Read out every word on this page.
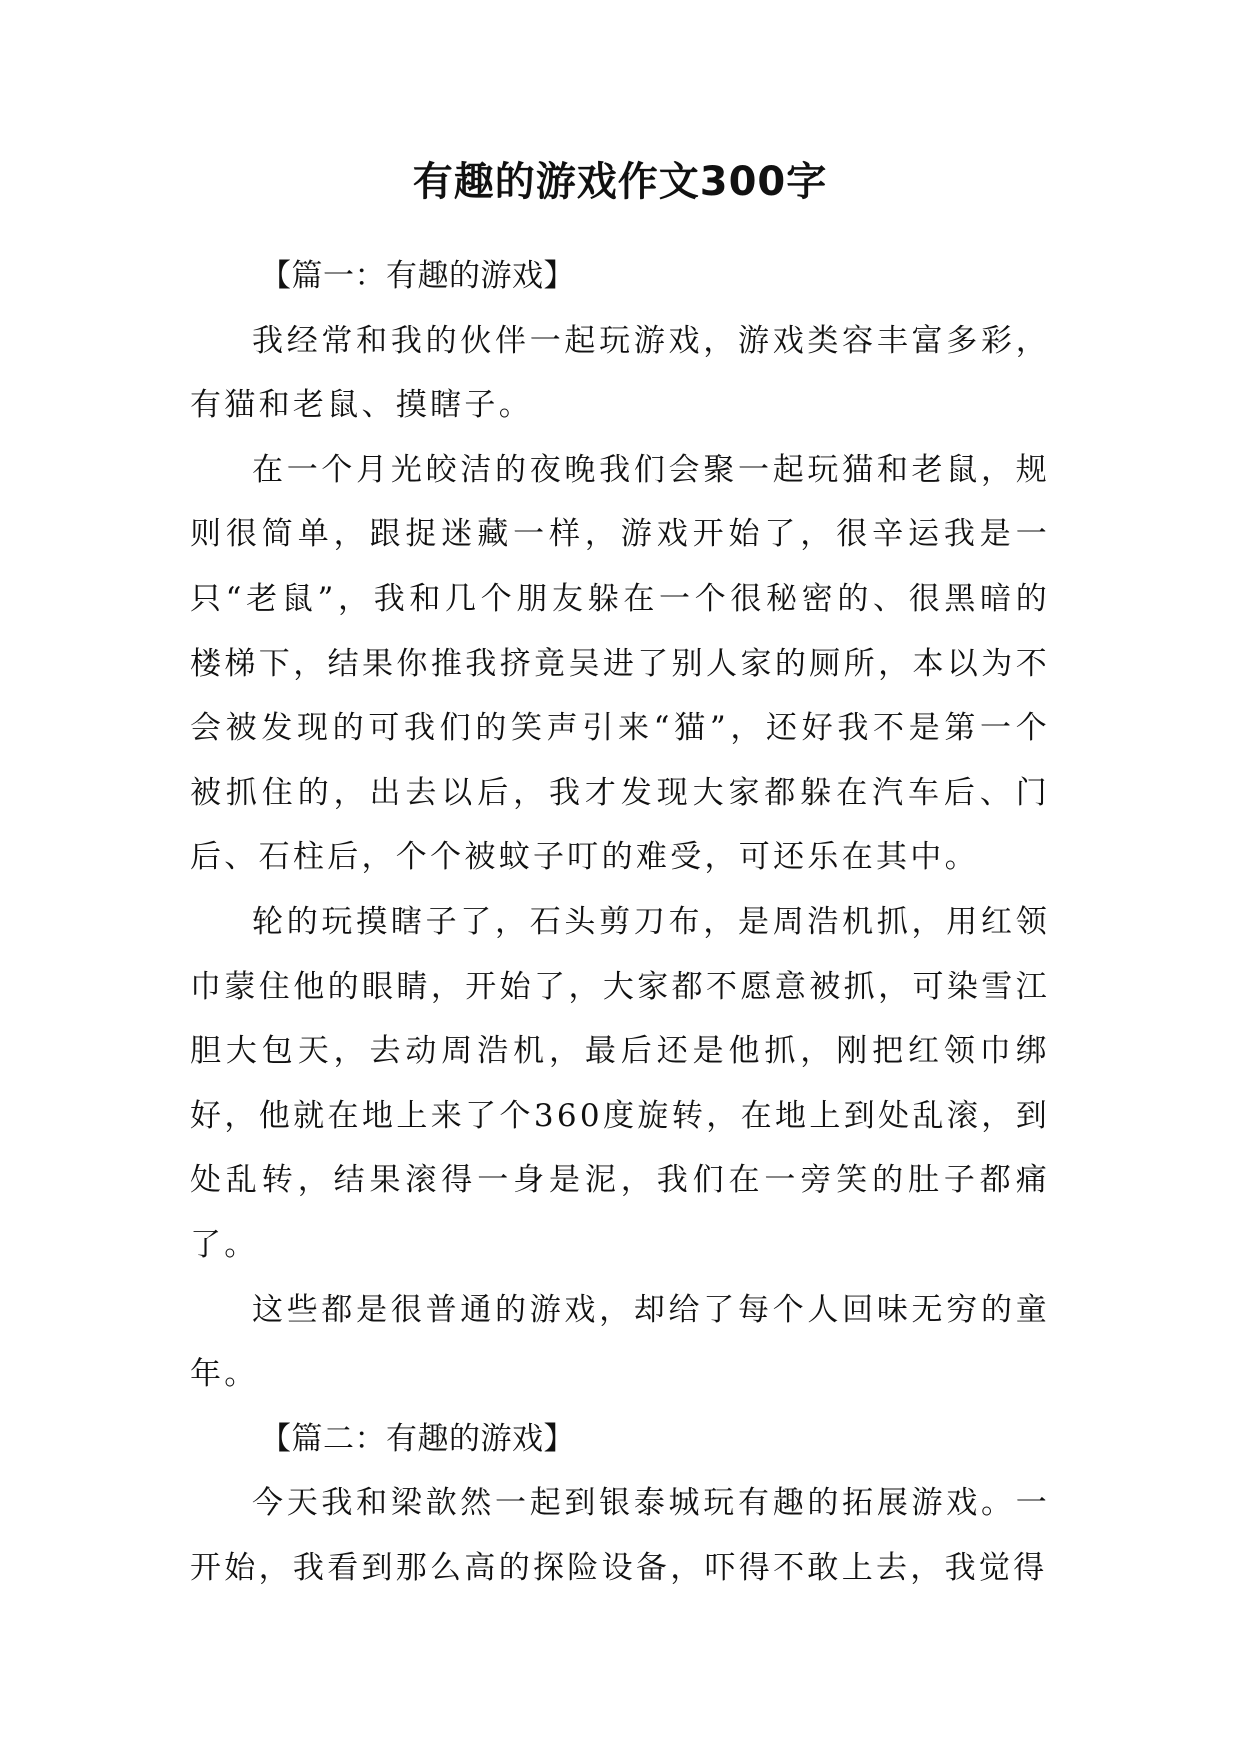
有趣的游戏作文300字

【篇一：有趣的游戏】

我经常和我的伙伴一起玩游戏，游戏类容丰富多彩，有猫和老鼠、摸瞎子。

在一个月光皎洁的夜晚我们会聚一起玩猫和老鼠，规则很简单，跟捉迷藏一样，游戏开始了，很辛运我是一只“老鼠”，我和几个朋友躲在一个很秘密的、很黑暗的楼梯下，结果你推我挤竟吴进了别人家的厕所，本以为不会被发现的可我们的笑声引来“猫”，还好我不是第一个被抓住的，出去以后，我才发现大家都躲在汽车后、门后、石柱后，个个被蚊子叮的难受，可还乐在其中。

轮的玩摸瞎子了，石头剪刀布，是周浩机抓，用红领巾蒙住他的眼睛，开始了，大家都不愿意被抓，可染雪江胆大包天，去动周浩机，最后还是他抓，刚把红领巾绑好，他就在地上来了个360度旋转，在地上到处乱滚，到处乱转，结果滚得一身是泥，我们在一旁笑的肚子都痛了。

这些都是很普通的游戏，却给了每个人回味无穷的童年。

【篇二：有趣的游戏】

今天我和梁歆然一起到银泰城玩有趣的拓展游戏。一开始，我看到那么高的探险设备，吓得不敢上去，我觉得
